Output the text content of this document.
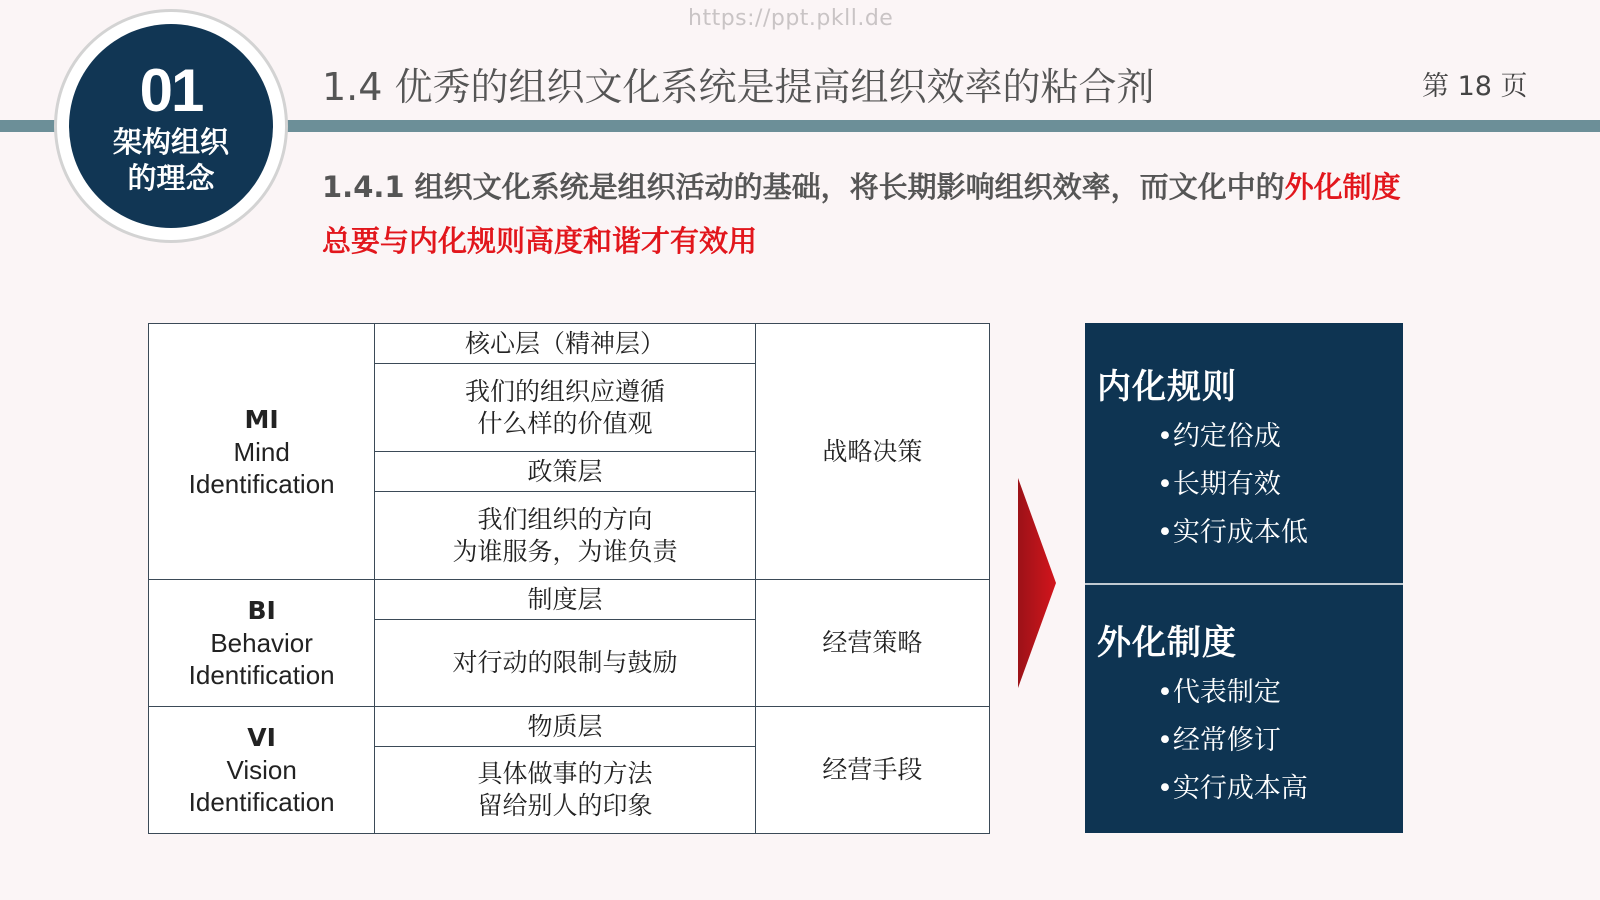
https://ppt.pkll.de
01
架构组织的理念
1.4 优秀的组织文化系统是提高组织效率的粘合剂	第 18 页
1.4.1 组织文化系统是组织活动的基础，将长期影响组织效率，而文化中的外化制度总要与内化规则高度和谐才有效用
MI
Mind
Identification	核心层（精神层）	战略决策

	我们的组织应遵循
什么样的价值观	

	政策层	

	我们组织的方向
为谁服务，为谁负责	

BI
Behavior
Identification	制度层	经营策略
	对行动的限制与鼓励	

VI
Vision
Identification	物质层	经营手段

	具体做事的方法
留给别人的印象	
内化规则
•约定俗成
•长期有效
•实行成本低
外化制度
•代表制定
•经常修订
•实行成本高
